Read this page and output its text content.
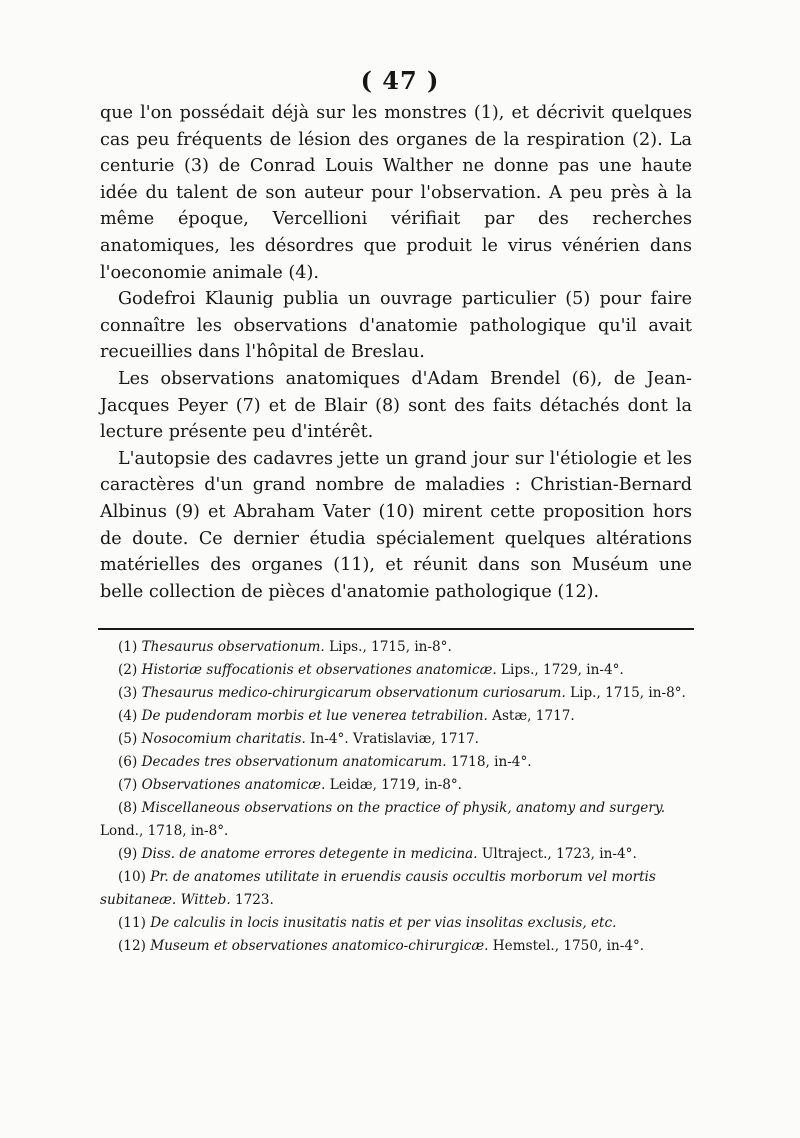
( 47 )

que l'on possédait déjà sur les monstres (1), et décrivit quelques cas peu fréquents de lésion des organes de la respiration (2). La centurie (3) de Conrad Louis Walther ne donne pas une haute idée du talent de son auteur pour l'observation. A peu près à la même époque, Vercellioni vérifiait par des recherches anatomiques, les désordres que produit le virus vénérien dans l'oeconomie animale (4).

Godefroi Klaunig publia un ouvrage particulier (5) pour faire connaître les observations d'anatomie pathologique qu'il avait recueillies dans l'hôpital de Breslau.

Les observations anatomiques d'Adam Brendel (6), de Jean-Jacques Peyer (7) et de Blair (8) sont des faits détachés dont la lecture présente peu d'intérêt.

L'autopsie des cadavres jette un grand jour sur l'étiologie et les caractères d'un grand nombre de maladies : Christian-Bernard Albinus (9) et Abraham Vater (10) mirent cette proposition hors de doute. Ce dernier étudia spécialement quelques altérations matérielles des organes (11), et réunit dans son Muséum une belle collection de pièces d'anatomie pathologique (12).

(1) Thesaurus observationum. Lips., 1715, in-8°.
(2) Historiæ suffocationis et observationes anatomicæ. Lips., 1729, in-4°.
(3) Thesaurus medico-chirurgicarum observationum curiosarum. Lip., 1715, in-8°.
(4) De pudendoram morbis et lue venerea tetrabilion. Astæ, 1717.
(5) Nosocomium charitatis. In-4°. Vratislaviæ, 1717.
(6) Decades tres observationum anatomicarum. 1718, in-4°.
(7) Observationes anatomicæ. Leidæ, 1719, in-8°.
(8) Miscellaneous observations on the practice of physik, anatomy and surgery. Lond., 1718, in-8°.
(9) Diss. de anatome errores detegente in medicina. Ultraject., 1723, in-4°.
(10) Pr. de anatomes utilitate in eruendis causis occultis morborum vel mortis subitaneæ. Witteb. 1723.
(11) De calculis in locis inusitatis natis et per vias insolitas exclusis, etc.
(12) Museum et observationes anatomico-chirurgicæ. Hemstel., 1750, in-4°.
